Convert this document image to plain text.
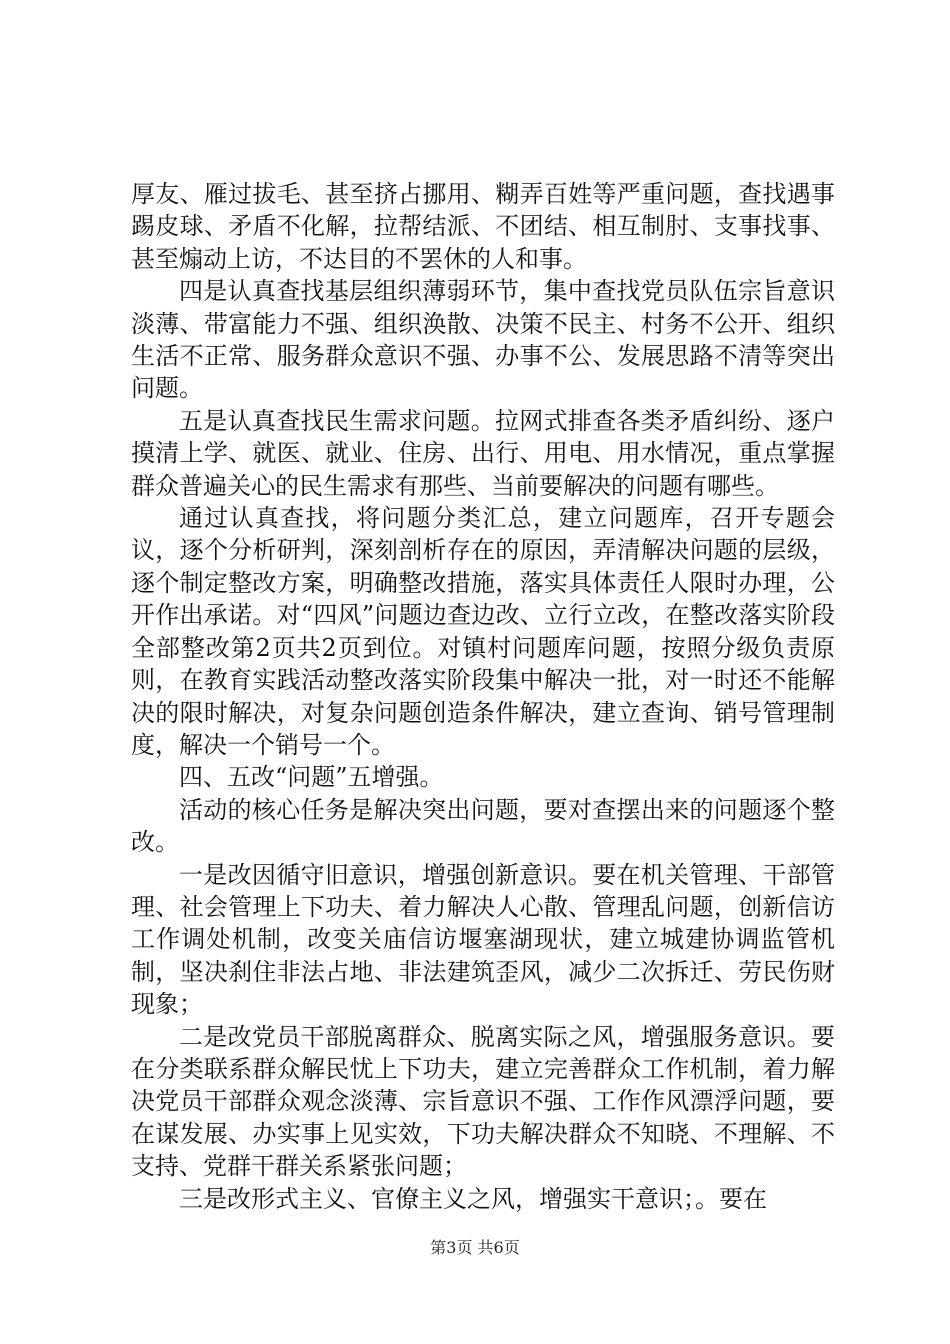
厚友、雁过拔毛、甚至挤占挪用、糊弄百姓等严重问题，查找遇事踢皮球、矛盾不化解，拉帮结派、不团结、相互制肘、支事找事、甚至煽动上访，不达目的不罢休的人和事。

四是认真查找基层组织薄弱环节，集中查找党员队伍宗旨意识淡薄、带富能力不强、组织涣散、决策不民主、村务不公开、组织生活不正常、服务群众意识不强、办事不公、发展思路不清等突出问题。

五是认真查找民生需求问题。拉网式排查各类矛盾纠纷、逐户摸清上学、就医、就业、住房、出行、用电、用水情况，重点掌握群众普遍关心的民生需求有那些、当前要解决的问题有哪些。

通过认真查找，将问题分类汇总，建立问题库，召开专题会议，逐个分析研判，深刻剖析存在的原因，弄清解决问题的层级，逐个制定整改方案，明确整改措施，落实具体责任人限时办理，公开作出承诺。对“四风”问题边查边改、立行立改，在整改落实阶段全部整改第2页共2页到位。对镇村问题库问题，按照分级负责原则，在教育实践活动整改落实阶段集中解决一批，对一时还不能解决的限时解决，对复杂问题创造条件解决，建立查询、销号管理制度，解决一个销号一个。

四、五改“问题”五增强。

活动的核心任务是解决突出问题，要对查摆出来的问题逐个整改。

一是改因循守旧意识，增强创新意识。要在机关管理、干部管理、社会管理上下功夫、着力解决人心散、管理乱问题，创新信访工作调处机制，改变关庙信访堰塞湖现状，建立城建协调监管机制，坚决刹住非法占地、非法建筑歪风，减少二次拆迁、劳民伤财现象；

二是改党员干部脱离群众、脱离实际之风，增强服务意识。要在分类联系群众解民忧上下功夫，建立完善群众工作机制，着力解决党员干部群众观念淡薄、宗旨意识不强、工作作风漂浮问题，要在谋发展、办实事上见实效，下功夫解决群众不知晓、不理解、不支持、党群干群关系紧张问题；

三是改形式主义、官僚主义之风，增强实干意识；。要在

第3页 共6页
